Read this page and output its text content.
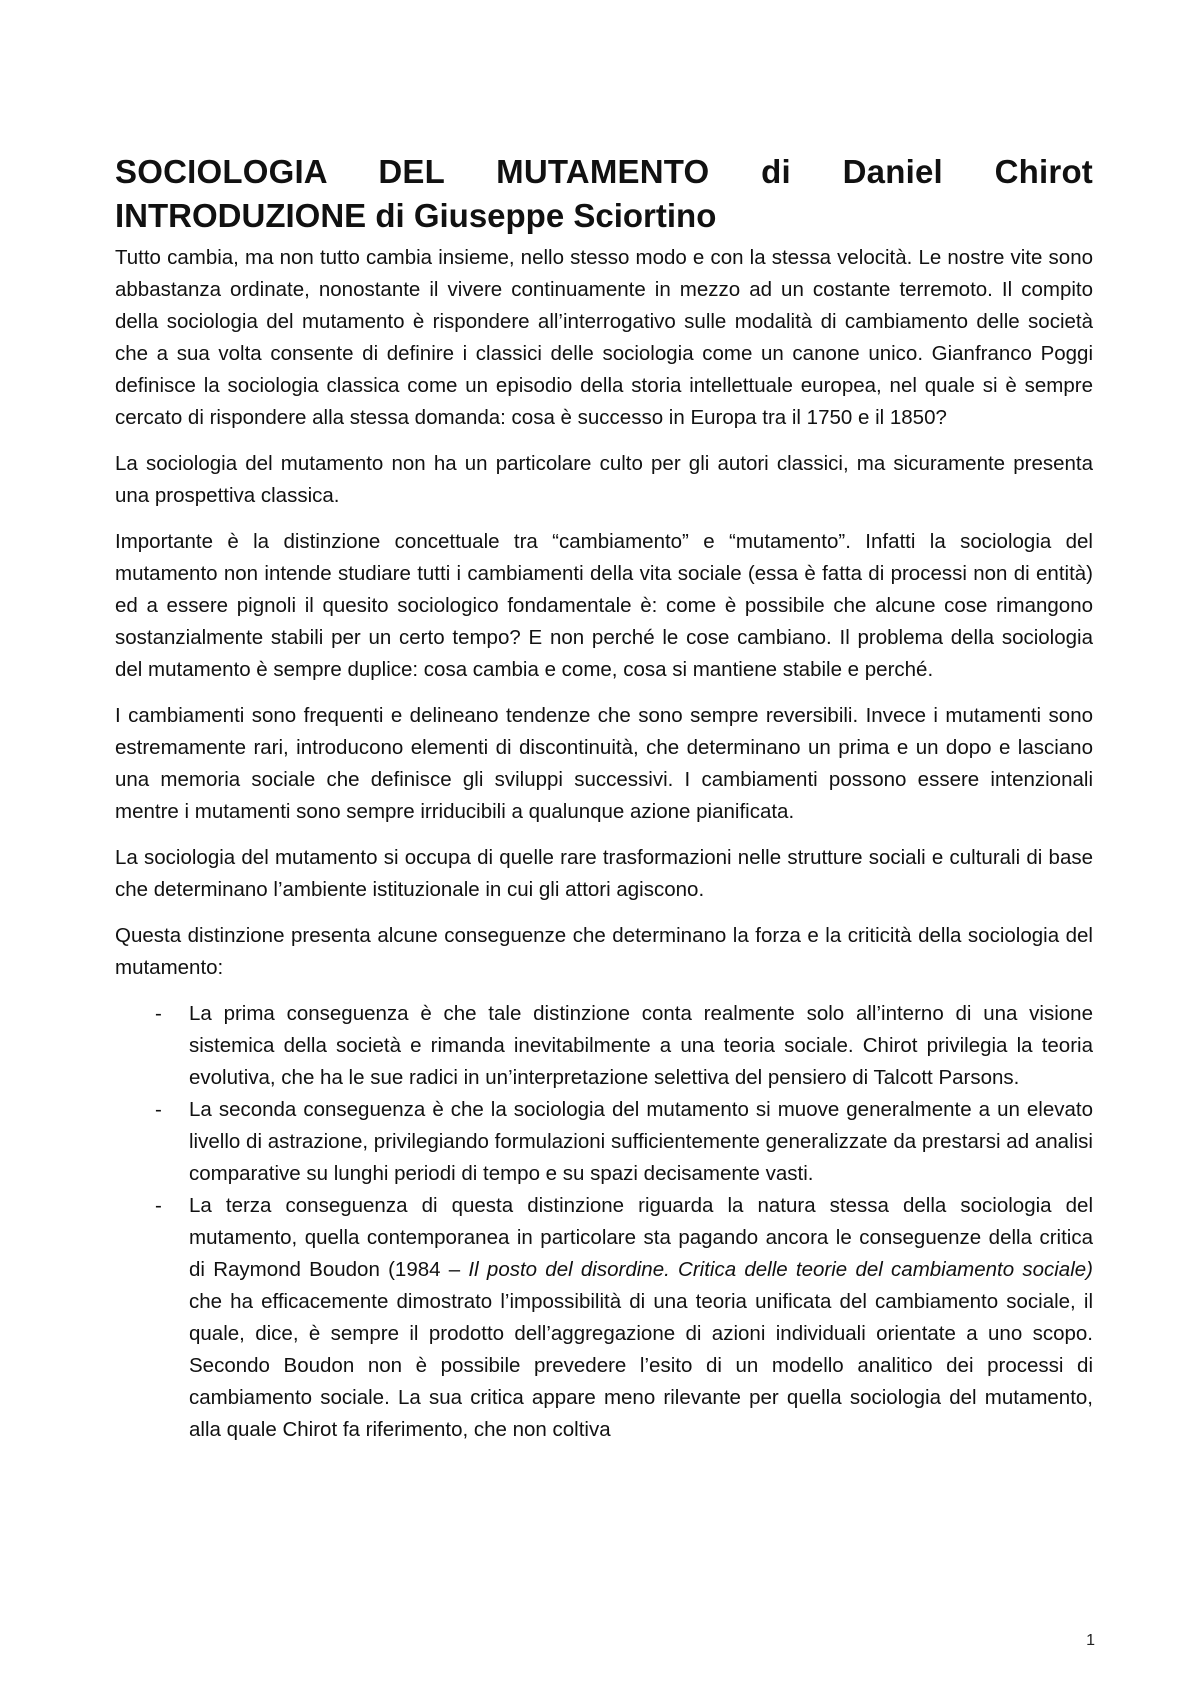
SOCIOLOGIA DEL MUTAMENTO di Daniel Chirot
INTRODUZIONE di Giuseppe Sciortino

Tutto cambia, ma non tutto cambia insieme, nello stesso modo e con la stessa velocità. Le nostre vite sono abbastanza ordinate, nonostante il vivere continuamente in mezzo ad un costante terremoto. Il compito della sociologia del mutamento è rispondere all’interrogativo sulle modalità di cambiamento delle società che a sua volta consente di definire i classici delle sociologia come un canone unico. Gianfranco Poggi definisce la sociologia classica come un episodio della storia intellettuale europea, nel quale si è sempre cercato di rispondere alla stessa domanda: cosa è successo in Europa tra il 1750 e il 1850?

La sociologia del mutamento non ha un particolare culto per gli autori classici, ma sicuramente presenta una prospettiva classica.

Importante è la distinzione concettuale tra “cambiamento” e “mutamento”. Infatti la sociologia del mutamento non intende studiare tutti i cambiamenti della vita sociale (essa è fatta di processi non di entità) ed a essere pignoli il quesito sociologico fondamentale è: come è possibile che alcune cose rimangono sostanzialmente stabili per un certo tempo? E non perché le cose cambiano. Il problema della sociologia del mutamento è sempre duplice: cosa cambia e come, cosa si mantiene stabile e perché.

I cambiamenti sono frequenti e delineano tendenze che sono sempre reversibili. Invece i mutamenti sono estremamente rari, introducono elementi di discontinuità, che determinano un prima e un dopo e lasciano una memoria sociale che definisce gli sviluppi successivi. I cambiamenti possono essere intenzionali mentre i mutamenti sono sempre irriducibili a qualunque azione pianificata.

La sociologia del mutamento si occupa di quelle rare trasformazioni nelle strutture sociali e culturali di base che determinano l’ambiente istituzionale in cui gli attori agiscono.

Questa distinzione presenta alcune conseguenze che determinano la forza e la criticità della sociologia del mutamento:

- La prima conseguenza è che tale distinzione conta realmente solo all’interno di una visione sistemica della società e rimanda inevitabilmente a una teoria sociale. Chirot privilegia la teoria evolutiva, che ha le sue radici in un’interpretazione selettiva del pensiero di Talcott Parsons.
- La seconda conseguenza è che la sociologia del mutamento si muove generalmente a un elevato livello di astrazione, privilegiando formulazioni sufficientemente generalizzate da prestarsi ad analisi comparative su lunghi periodi di tempo e su spazi decisamente vasti.
- La terza conseguenza di questa distinzione riguarda la natura stessa della sociologia del mutamento, quella contemporanea in particolare sta pagando ancora le conseguenze della critica di Raymond Boudon (1984 – Il posto del disordine. Critica delle teorie del cambiamento sociale) che ha efficacemente dimostrato l’impossibilità di una teoria unificata del cambiamento sociale, il quale, dice, è sempre il prodotto dell’aggregazione di azioni individuali orientate a uno scopo. Secondo Boudon non è possibile prevedere l’esito di un modello analitico dei processi di cambiamento sociale. La sua critica appare meno rilevante per quella sociologia del mutamento, alla quale Chirot fa riferimento, che non coltiva
1
